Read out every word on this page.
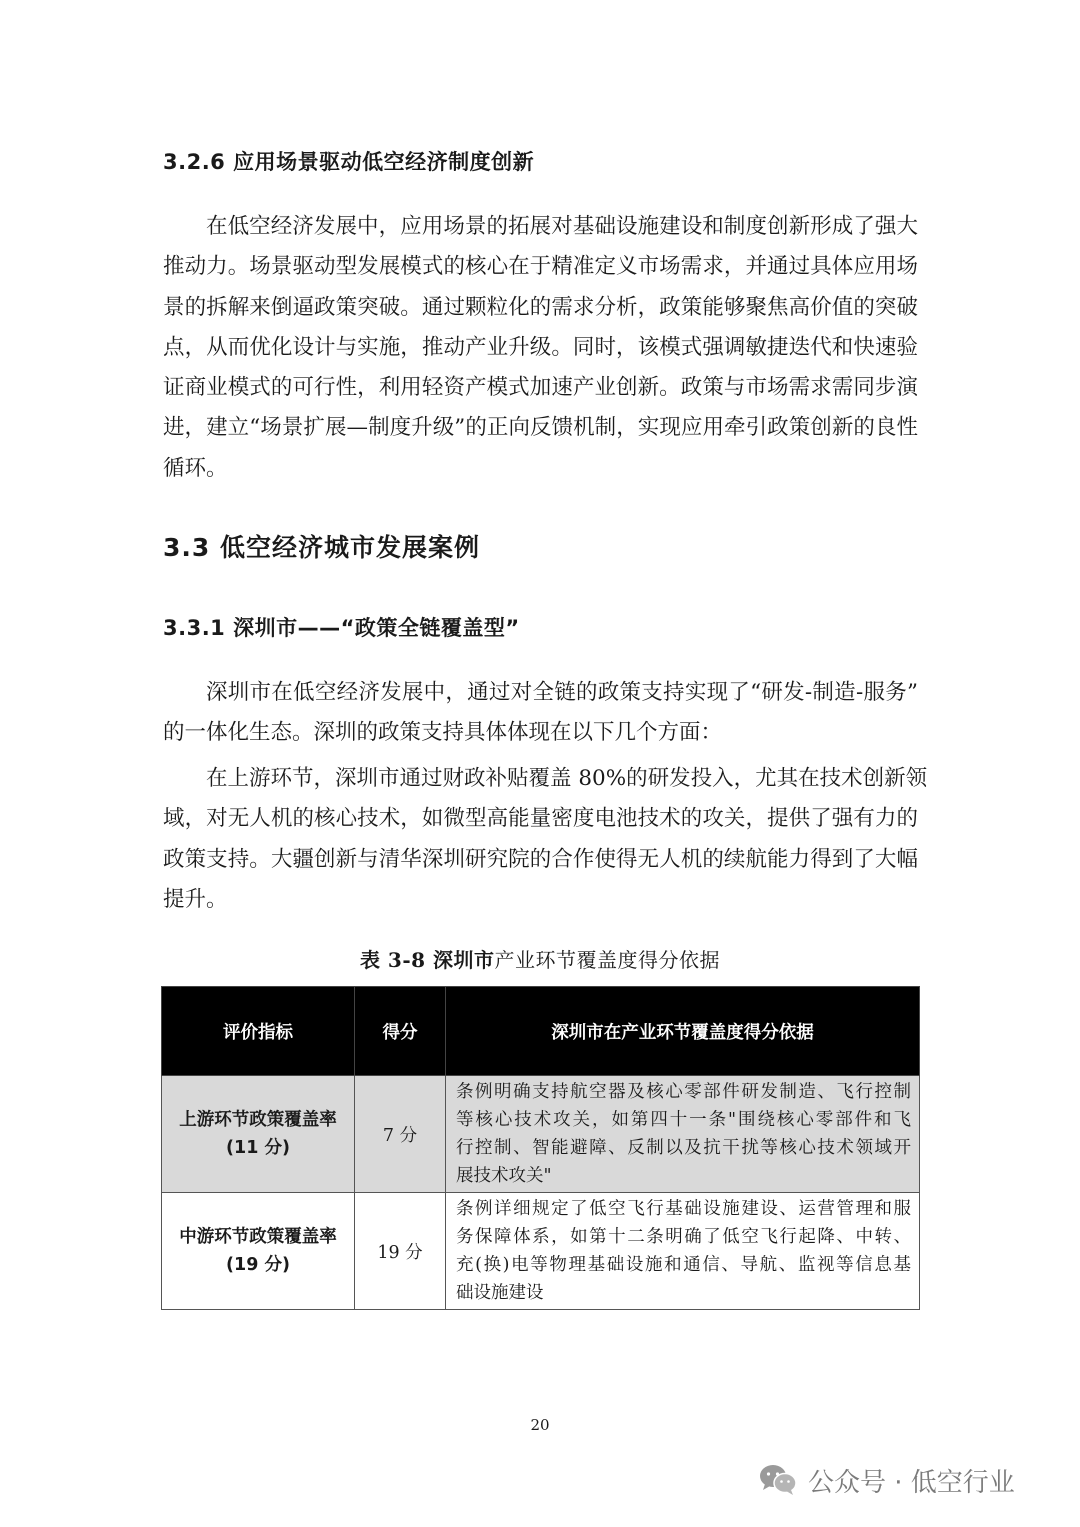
3.2.6 应用场景驱动低空经济制度创新
在低空经济发展中，应用场景的拓展对基础设施建设和制度创新形成了强大
推动力。场景驱动型发展模式的核心在于精准定义市场需求，并通过具体应用场
景的拆解来倒逼政策突破。通过颗粒化的需求分析，政策能够聚焦高价值的突破
点，从而优化设计与实施，推动产业升级。同时，该模式强调敏捷迭代和快速验
证商业模式的可行性，利用轻资产模式加速产业创新。政策与市场需求需同步演
进，建立“场景扩展—制度升级”的正向反馈机制，实现应用牵引政策创新的良性
循环。
3.3 低空经济城市发展案例
3.3.1 深圳市——“政策全链覆盖型”
深圳市在低空经济发展中，通过对全链的政策支持实现了“研发-制造-服务”
的一体化生态。深圳的政策支持具体体现在以下几个方面：
在上游环节，深圳市通过财政补贴覆盖 80%的研发投入，尤其在技术创新领
域，对无人机的核心技术，如微型高能量密度电池技术的攻关，提供了强有力的
政策支持。大疆创新与清华深圳研究院的合作使得无人机的续航能力得到了大幅
提升。
表 3-8 深圳市产业环节覆盖度得分依据
评价指标	得分	深圳市在产业环节覆盖度得分依据

上游环节政策覆盖率
(11 分)	7 分	条例明确支持航空器及核心零部件研发制造、飞行控制
等核心技术攻关，如第四十一条"围绕核心零部件和飞
行控制、智能避障、反制以及抗干扰等核心技术领域开
展技术攻关"

中游环节政策覆盖率
(19 分)	19 分	条例详细规定了低空飞行基础设施建设、运营管理和服
务保障体系，如第十二条明确了低空飞行起降、中转、
充(换)电等物理基础设施和通信、导航、监视等信息基
础设施建设
20
公众号 · 低空行业
